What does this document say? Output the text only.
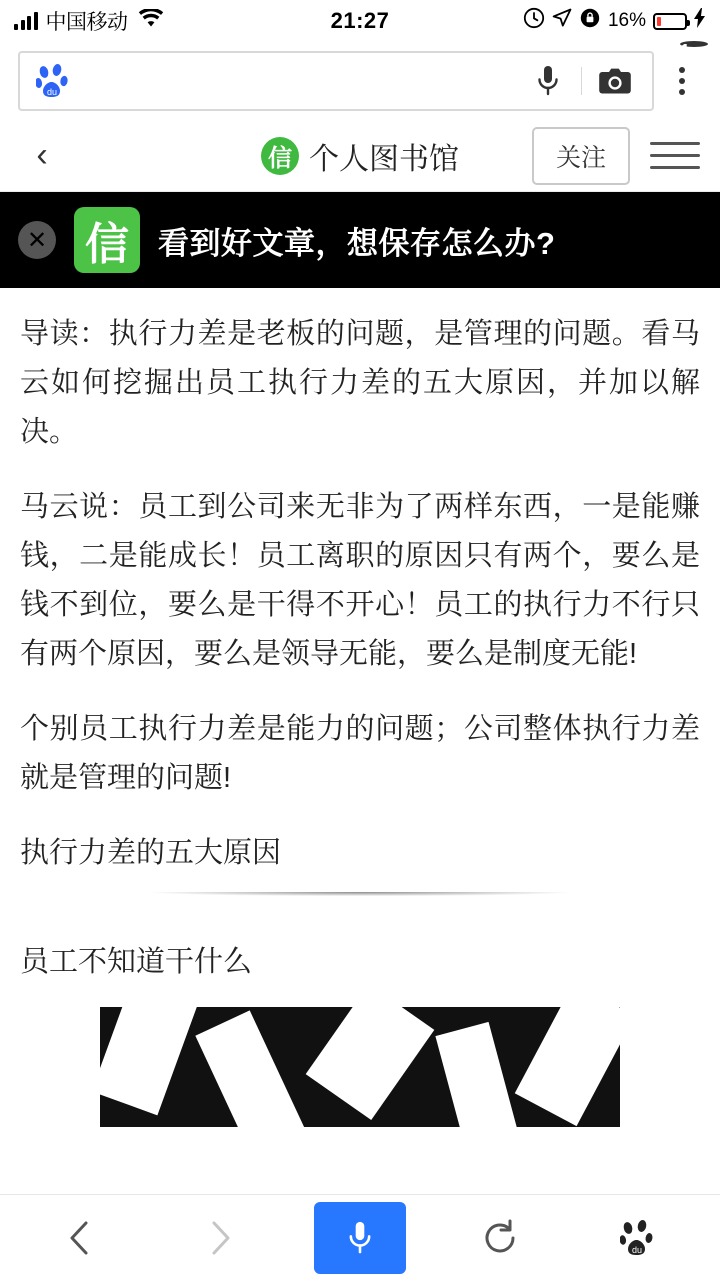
中国移动	21:27	16%
du
1
‹	信 个人图书馆	关注
✕ 信 看到好文章，想保存怎么办?

导读：执行力差是老板的问题，是管理的问题。看马云如何挖掘出员工执行力差的五大原因，并加以解决。

马云说：员工到公司来无非为了两样东西，一是能赚钱，二是能成长！员工离职的原因只有两个，要么是钱不到位，要么是干得不开心！员工的执行力不行只有两个原因，要么是领导无能，要么是制度无能!

个别员工执行力差是能力的问题；公司整体执行力差就是管理的问题!

执行力差的五大原因
员工不知道干什么
du
